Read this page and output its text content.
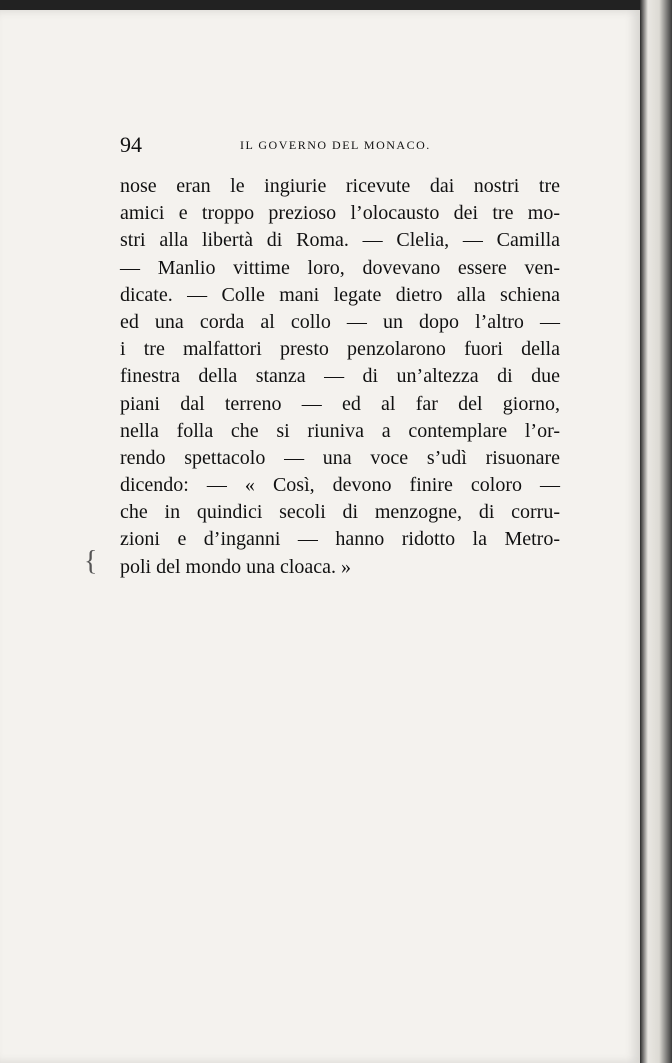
94	IL GOVERNO DEL MONACO.
nose eran le ingiurie ricevute dai nostri tre
amici e troppo prezioso l’olocausto dei tre mo-
stri alla libertà di Roma. — Clelia, — Camilla
— Manlio vittime loro, dovevano essere ven-
dicate. — Colle mani legate dietro alla schiena
ed una corda al collo — un dopo l’altro —
i tre malfattori presto penzolarono fuori della
finestra della stanza — di un’altezza di due
piani dal terreno — ed al far del giorno,
nella folla che si riuniva a contemplare l’or-
rendo spettacolo — una voce s’udì risuonare
dicendo: — « Così, devono finire coloro —
che in quindici secoli di menzogne, di corru-
zioni e d’inganni — hanno ridotto la Metro-
poli del mondo una cloaca. »
{
